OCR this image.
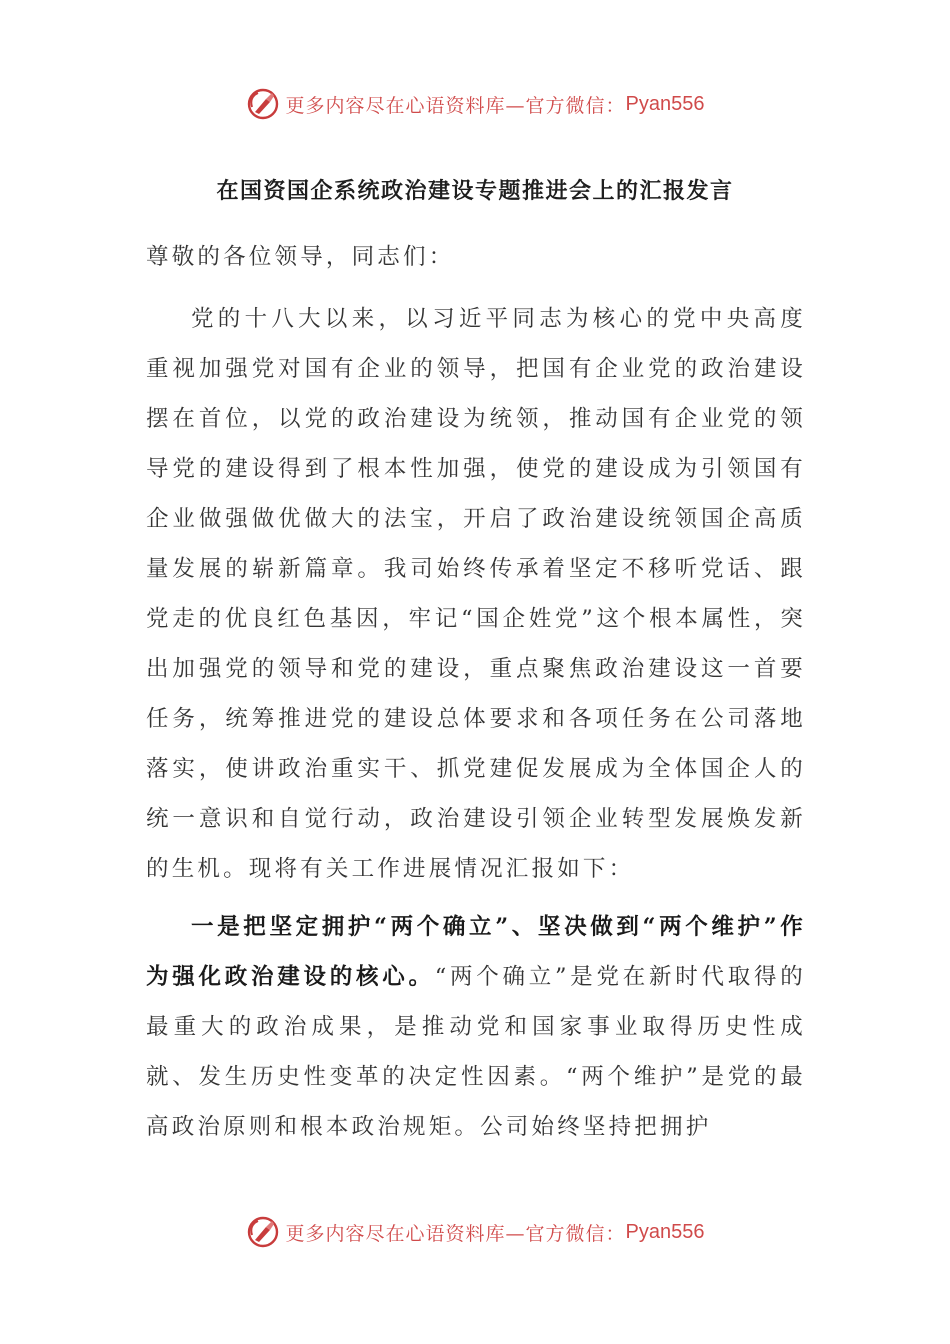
更多内容尽在心语资料库—官方微信： Pyan556
在国资国企系统政治建设专题推进会上的汇报发言

尊敬的各位领导，同志们：

党的十八大以来，以习近平同志为核心的党中央高度重视加强党对国有企业的领导，把国有企业党的政治建设摆在首位，以党的政治建设为统领，推动国有企业党的领导党的建设得到了根本性加强，使党的建设成为引领国有企业做强做优做大的法宝，开启了政治建设统领国企高质量发展的崭新篇章。我司始终传承着坚定不移听党话、跟党走的优良红色基因，牢记“国企姓党”这个根本属性，突出加强党的领导和党的建设，重点聚焦政治建设这一首要任务，统筹推进党的建设总体要求和各项任务在公司落地落实，使讲政治重实干、抓党建促发展成为全体国企人的统一意识和自觉行动，政治建设引领企业转型发展焕发新的生机。现将有关工作进展情况汇报如下：

一是把坚定拥护“两个确立”、坚决做到“两个维护”作为强化政治建设的核心。“两个确立”是党在新时代取得的最重大的政治成果，是推动党和国家事业取得历史性成就、发生历史性变革的决定性因素。“两个维护”是党的最高政治原则和根本政治规矩。公司始终坚持把拥护

更多内容尽在心语资料库—官方微信： Pyan556
